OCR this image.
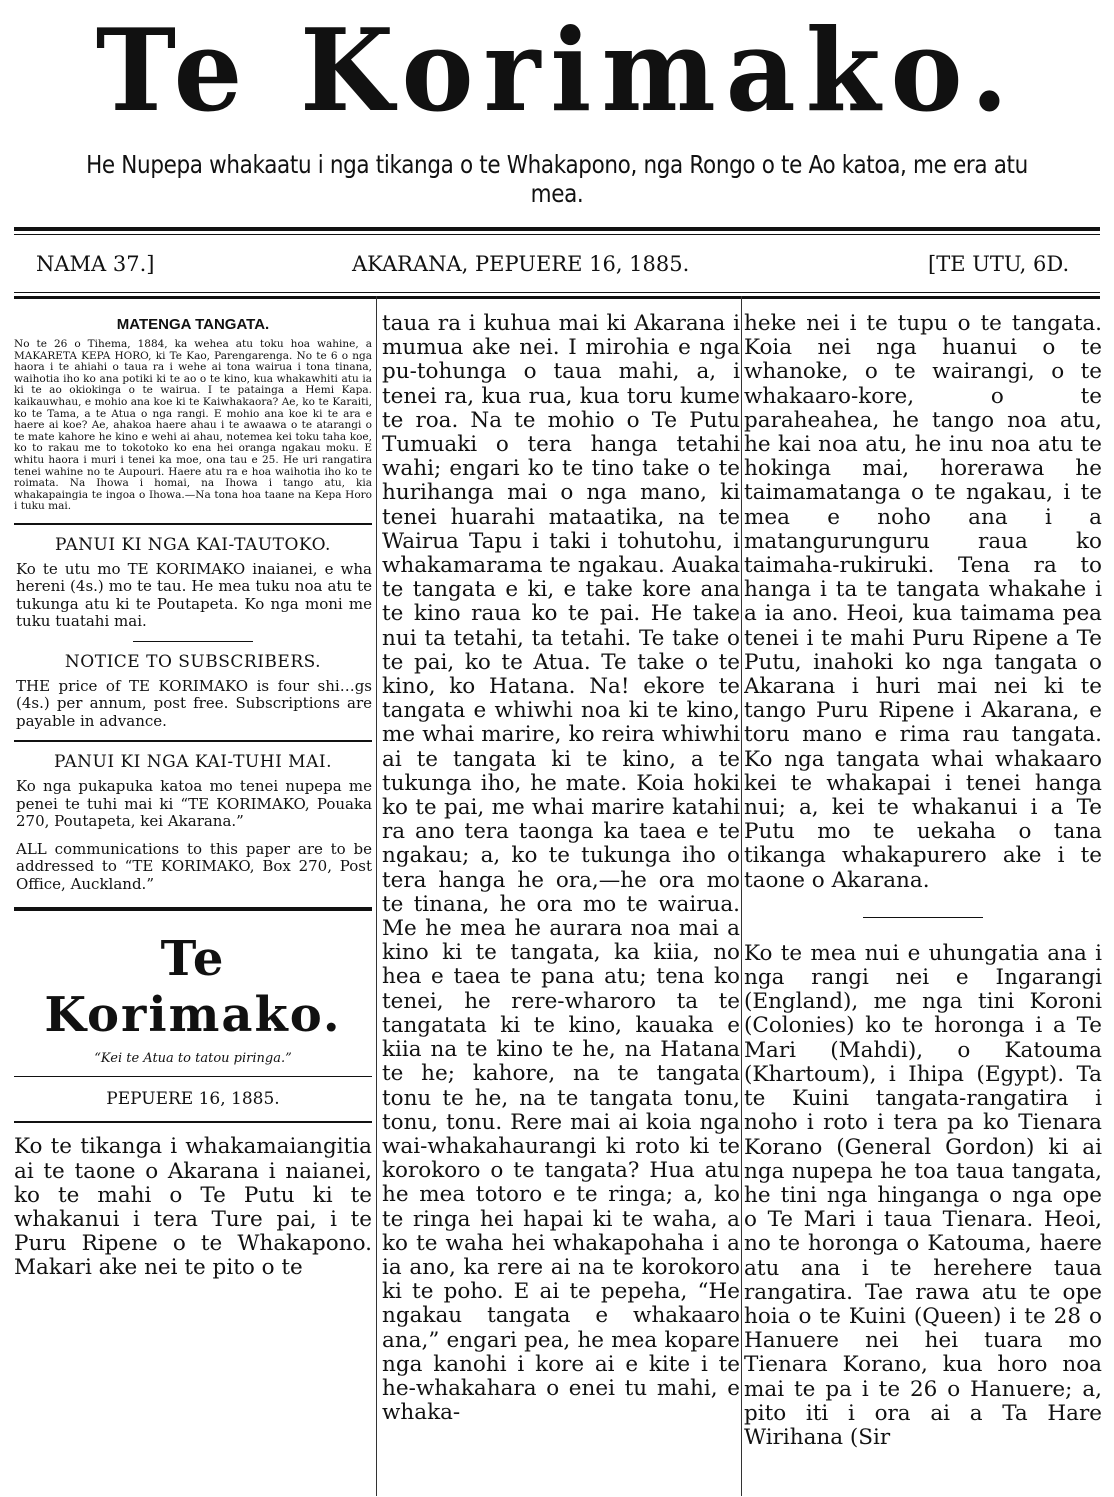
Te Korimako.
He Nupepa whakaatu i nga tikanga o te Whakapono, nga Rongo o te Ao katoa, me era atu mea.
NAMA 37.]	AKARANA, PEPUERE 16, 1885.	[TE UTU, 6D.
MATENGA TANGATA.

No te 26 o Tihema, 1884, ka wehea atu toku hoa wahine, a MAKARETA KEPA HORO, ki Te Kao, Parengarenga. No te 6 o nga haora i te ahiahi o taua ra i wehe ai tona wairua i tona tinana, waihotia iho ko ana potiki ki te ao o te kino, kua whakawhiti atu ia ki te ao okiokinga o te wairua. I te pataingа a Hemi Kapa. kaikauwhau, e mohio ana koe ki te Kaiwhakaora? Ae, ko te Karaiti, ko te Tama, a te Atua o nga rangi. E mohio ana koe ki te ara e haere ai koe? Ae, ahakoa haere ahau i te awaawa o te atarangi o te mate kahore he kino e wehi ai ahau, notemea kei toku taha koe, ko to rakau me to tokotoko ko ena hei oranga ngakau moku. E whitu haora i muri i tenei ka moe, ona tau e 25. He uri rangatira tenei wahine no te Aupouri. Haere atu ra e hoa waihotia iho ko te roimata. Na Ihowa i homai, na Ihowa i tango atu, kia whakapaingia te ingoa o Ihowa.—Na tona hoa taane na Kepa Horo i tuku mai.

PANUI KI NGA KAI-TAUTOKO.

Ko te utu mo TE KORIMAKO inaianei, e wha hereni (4s.) mo te tau. He mea tuku noa atu te tukunga atu ki te Poutapeta. Ko nga moni me tuku tuatahi mai.

NOTICE TO SUBSCRIBERS.

THE price of TE KORIMAKO is four shi…gs (4s.) per annum, post free. Subscriptions are payable in advance.

PANUI KI NGA KAI-TUHI MAI.

Ko nga pukapuka katoa mo tenei nupepa me penei te tuhi mai ki “TE KORIMAKO, Pouaka 270, Poutapeta, kei Akarana.”

ALL communications to this paper are to be addressed to “TE KORIMAKO, Box 270, Post Office, Auckland.”

Te Korimako.
“Kei te Atua to tatou piringa.”
PEPUERE 16, 1885.

Ko te tikanga i whakamaiangitia ai te taone o Akarana i naianei, ko te mahi o Te Putu ki te whakanui i tera Ture pai, i te Puru Ripene o te Whakapono. Makari ake nei te pito o te

taua ra i kuhua mai ki Akarana i mumua ake nei. I mirohia e nga pu-tohunga o taua mahi, a, i tenei ra, kua rua, kua toru kume te roa. Na te mohio o Te Putu Tumuaki o tera hanga tetahi wahi; engari ko te tino take o te hurihanga mai o nga mano, ki tenei huarahi mataatika, na te Wairua Tapu i taki i tohutohu, i whakamarama te ngakau. Auaka te tangata e ki, e take kore ana te kino raua ko te pai. He take nui ta tetahi, ta tetahi. Te take o te pai, ko te Atua. Te take o te kino, ko Hatana. Na! ekore te tangata e whiwhi noa ki te kino, me whai marire, ko reira whiwhi ai te tangata ki te kino, a te tukunga iho, he mate. Koia hoki ko te pai, me whai marire katahi ra ano tera taonga ka taea e te ngakau; a, ko te tukunga iho o tera hanga he ora,—he ora mo te tinana, he ora mo te wairua. Me he mea he aurara noa mai a kino ki te tangata, ka kiia, no hea e taea te pana atu; tena ko tenei, he rere-wharoro ta te tangatata ki te kino, kauaka e kiia na te kino te he, na Hatana te he; kahore, na te tangata tonu te he, na te tangata tonu, tonu, tonu. Rere mai ai koia nga wai-whakahaurangi ki roto ki te korokoro o te tangata? Hua atu he mea totoro e te ringa; a, ko te ringa hei hapai ki te waha, a ko te waha hei whakapohaha i a ia ano, ka rere ai na te korokoro ki te poho. E ai te pepeha, “He ngakau tangata e whakaaro ana,” engari pea, he mea kopare nga kanohi i kore ai e kite i te he-whakahara o enei tu mahi, e whaka-

heke nei i te tupu o te tangata. Koia nei nga huanui o te whanoke, o te wairangi, o te whakaaro-kore, o te paraheahea, he tango noa atu, he kai noa atu, he inu noa atu te hokinga mai, horerawa he taimamatanga o te ngakau, i te mea e noho ana i a matangurunguru raua ko taimaha-rukiruki. Tena ra to hanga i ta te tangata whakahe i a ia ano. Heoi, kua taimama pea tenei i te mahi Puru Ripene a Te Putu, inahoki ko nga tangata o Akarana i huri mai nei ki te tango Puru Ripene i Akarana, e toru mano e rima rau tangata. Ko nga tangata whai whakaaro kei te whakapai i tenei hanga nui; a, kei te whakanui i a Te Putu mo te uekaha o tana tikanga whakapurero ake i te taone o Akarana.

Ko te mea nui e uhungatia ana i nga rangi nei e Ingarangi (England), me nga tini Koroni (Colonies) ko te horonga i a Te Mari (Mahdi), o Katouma (Khartoum), i Ihipa (Egypt). Ta te Kuini tangata-rangatira i noho i roto i tera pa ko Tienara Korano (General Gordon) ki ai nga nupepa he toa taua tangata, he tini nga hinganga o nga ope o Te Mari i taua Tienara. Heoi, no te horonga o Katouma, haere atu ana i te herehere taua rangatira. Tae rawa atu te ope hoia o te Kuini (Queen) i te 28 o Hanuere nei hei tuara mo Tienara Korano, kua horo noa mai te pa i te 26 o Hanuere; a, pito iti i ora ai a Ta Hare Wirihana (Sir
